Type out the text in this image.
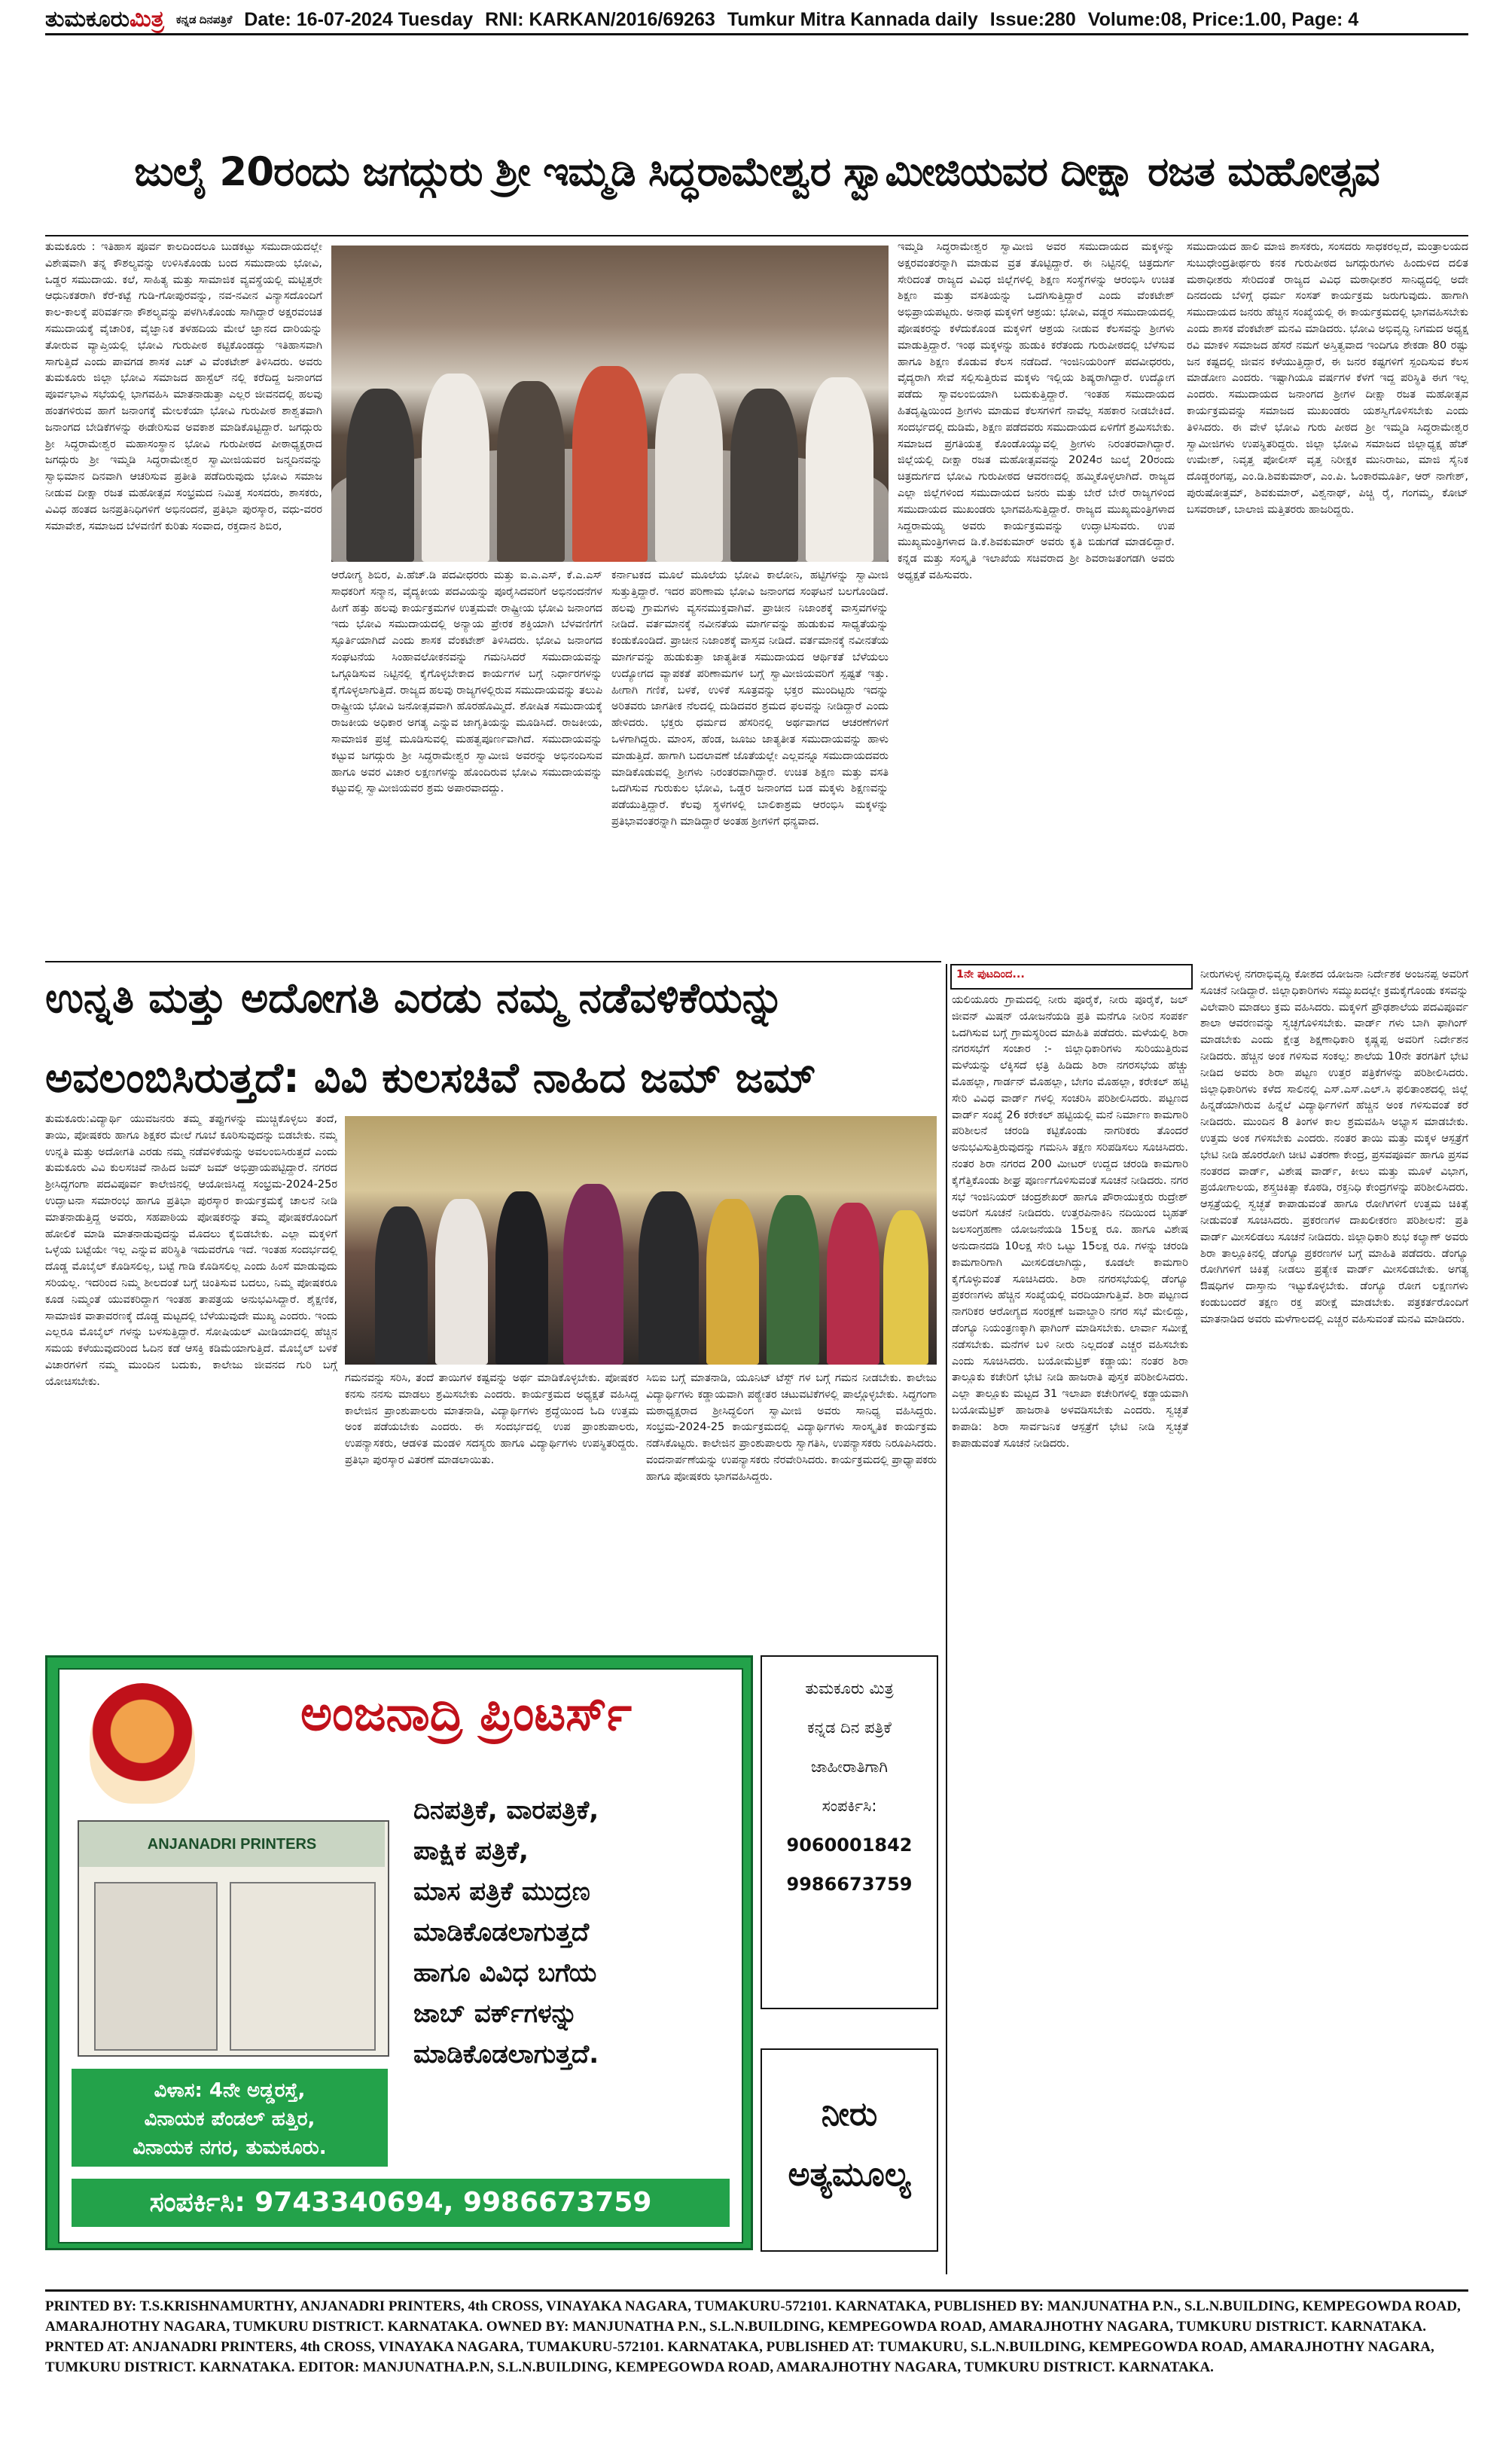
ತುಮಕೂರುಮಿತ್ರ ಕನ್ನಡ ದಿನಪತ್ರಿಕೆ Date: 16-07-2024 Tuesday RNI: KARKAN/2016/69263 Tumkur Mitra Kannada daily Issue:280 Volume:08, Price:1.00, Page: 4
ಜುಲೈ 20ರಂದು ಜಗದ್ಗುರು ಶ್ರೀ ಇಮ್ಮಡಿ ಸಿದ್ಧರಾಮೇಶ್ವರ ಸ್ವಾಮೀಜಿಯವರ ದೀಕ್ಷಾ ರಜತ ಮಹೋತ್ಸವ
ತುಮಕೂರು : ಇತಿಹಾಸ ಪೂರ್ವ ಕಾಲದಿಂದಲೂ ಬುಡಕಟ್ಟು ಸಮುದಾಯದಲ್ಲೇ ವಿಶೇಷವಾಗಿ ತನ್ನ ಕೌಶಲ್ಯವನ್ನು ಉಳಿಸಿಕೊಂಡು ಬಂದ ಸಮುದಾಯ ಭೋವಿ, ಒಡ್ಡರ ಸಮುದಾಯ. ಕಲೆ, ಸಾಹಿತ್ಯ ಮತ್ತು ಸಾಮಾಜಿಕ ವ್ಯವಸ್ಥೆಯಲ್ಲಿ ಮಟ್ಟಿತ್ತರೇ ಆಧುನಿಕತರಾಗಿ ಕೆರೆ-ಕಟ್ಟೆ ಗುಡಿ-ಗೋಪುರವನ್ನು, ನವ-ನವೀನ ವಿನ್ಯಾಸದೊಂದಿಗೆ ಕಾಲ-ಕಾಲಕ್ಕೆ ಪರಿವರ್ತನಾ ಕೌಶಲ್ಯವನ್ನು ಪಳಗಿಸಿಕೊಂಡು ಸಾಗಿದ್ದಾರೆ ಅಕ್ಷರವಂಚಿತ ಸಮುದಾಯಕ್ಕೆ ವೈಚಾರಿಕ, ವೈಜ್ಞಾನಿಕ ತಳಹದಿಯ ಮೇಲೆ ಜ್ಞಾನದ ದಾರಿಯನ್ನು ತೋರುವ ವ್ಯಾಪ್ತಿಯಲ್ಲಿ ಭೋವಿ ಗುರುಪೀಠ ಕಟ್ಟಿಕೊಂಡದ್ದು ಇತಿಹಾಸವಾಗಿ ಸಾಗುತ್ತಿದೆ ಎಂದು ಪಾವಗಡ ಶಾಸಕ ಎಚ್ ವಿ ವೆಂಕಟೇಶ್ ತಿಳಿಸಿದರು. ಅವರು ತುಮಕೂರು ಜಿಲ್ಲಾ ಭೋವಿ ಸಮಾಜದ ಹಾಸ್ಟೆಲ್ ನಲ್ಲಿ ಕರೆದಿದ್ದ ಜನಾಂಗದ ಪೂರ್ವಭಾವಿ ಸಭೆಯಲ್ಲಿ ಭಾಗವಹಿಸಿ ಮಾತನಾಡುತ್ತಾ ಎಲ್ಲರ ಜೀವನದಲ್ಲಿ ಹಲವು ಹಂತಗಳಿರುವ ಹಾಗೆ ಜನಾಂಗಕ್ಕೆ ಮೇಲಕೆಯಾ ಭೋವಿ ಗುರುಪೀಠ ಶಾಶ್ವತವಾಗಿ ಜನಾಂಗದ ಬೇಡಿಕೆಗಳನ್ನು ಈಡೇರಿಸುವ ಅವಕಾಶ ಮಾಡಿಕೊಟ್ಟಿದ್ದಾರೆ. ಜಗದ್ಗುರು ಶ್ರೀ ಸಿದ್ಧರಾಮೇಶ್ವರ ಮಹಾಸಂಸ್ಥಾನ ಭೋವಿ ಗುರುಪೀಠದ ಪೀಠಾಧ್ಯಕ್ಷರಾದ ಜಗದ್ಗುರು ಶ್ರೀ ಇಮ್ಮಡಿ ಸಿದ್ಧರಾಮೇಶ್ವರ ಸ್ವಾಮೀಜಿಯವರ ಜನ್ಮದಿನವನ್ನು ಸ್ವಾಭಿಮಾನ ದಿನವಾಗಿ ಆಚರಿಸುವ ಪ್ರತೀತಿ ಪಡೆದಿರುವುದು ಭೋವಿ ಸಮಾಜ ನೀಡುವ ದೀಕ್ಷಾ ರಜತ ಮಹೋತ್ಸವ ಸಂಭ್ರಮದ ನಿಮಿತ್ತ ಸಂಸದರು, ಶಾಸಕರು, ವಿವಿಧ ಹಂತದ ಜನಪ್ರತಿನಿಧಿಗಳಿಗೆ ಅಭಿನಂದನೆ, ಪ್ರತಿಭಾ ಪುರಸ್ಕಾರ, ವಧು-ವರರ ಸಮಾವೇಶ, ಸಮಾಜದ ಬೆಳವಣಿಗೆ ಕುರಿತು ಸಂವಾದ, ರಕ್ತದಾನ ಶಿಬಿರ,
ಆರೋಗ್ಯ ಶಿಬಿರ, ಪಿ.ಹೆಚ್.ಡಿ ಪದವೀಧರರು ಮತ್ತು ಐ.ಎ.ಎಸ್, ಕೆ.ಎ.ಎಸ್ ಸಾಧಕರಿಗೆ ಸನ್ಮಾನ, ವೈದ್ಯಕೀಯ ಪದವಿಯನ್ನು ಪೂರೈಸಿದವರಿಗೆ ಅಭಿನಂದನೆಗಳ ಹೀಗೆ ಹತ್ತು ಹಲವು ಕಾರ್ಯಕ್ರಮಗಳ ಉತ್ತಮವೇ ರಾಷ್ಟ್ರೀಯ ಭೋವಿ ಜನಾಂಗದ ಇದು ಭೋವಿ ಸಮುದಾಯದಲ್ಲಿ ಅನ್ಯಾಯ ಪ್ರೇರಕ ಶಕ್ತಿಯಾಗಿ ಬೆಳವಣಿಗೆಗೆ ಸ್ಫೂರ್ತಿಯಾಗಿದೆ ಎಂದು ಶಾಸಕ ವೆಂಕಟೇಶ್ ತಿಳಿಸಿದರು. ಭೋವಿ ಜನಾಂಗದ ಸಂಘಟನೆಯ ಸಿಂಹಾವಲೋಕನವನ್ನು ಗಮನಿಸಿದರೆ ಸಮುದಾಯವನ್ನು ಒಗ್ಗೂಡಿಸುವ ನಿಟ್ಟಿನಲ್ಲಿ ಕೈಗೊಳ್ಳಬೇಕಾದ ಕಾರ್ಯಗಳ ಬಗ್ಗೆ ನಿರ್ಧಾರಗಳನ್ನು ಕೈಗೊಳ್ಳಲಾಗುತ್ತಿದೆ. ರಾಜ್ಯದ ಹಲವು ರಾಜ್ಯಗಳಲ್ಲಿರುವ ಸಮುದಾಯವನ್ನು ತಲುಪಿ ರಾಷ್ಟ್ರೀಯ ಭೋವಿ ಜನೋತ್ಸವವಾಗಿ ಹೊರಹೊಮ್ಮಿದೆ. ಶೋಷಿತ ಸಮುದಾಯಕ್ಕೆ ರಾಜಕೀಯ ಅಧಿಕಾರ ಅಗತ್ಯ ಎನ್ನುವ ಜಾಗೃತಿಯನ್ನು ಮೂಡಿಸಿದೆ. ರಾಜಕೀಯ, ಸಾಮಾಜಿಕ ಪ್ರಜ್ಞೆ ಮೂಡಿಸುವಲ್ಲಿ ಮಹತ್ವಪೂರ್ಣವಾಗಿದೆ. ಸಮುದಾಯವನ್ನು ಕಟ್ಟುವ ಜಗದ್ಗುರು ಶ್ರೀ ಸಿದ್ಧರಾಮೇಶ್ವರ ಸ್ವಾಮೀಜಿ ಅವರನ್ನು ಅಭಿನಂದಿಸುವ ಹಾಗೂ ಅವರ ವಿಚಾರ ಲಕ್ಷಣಗಳನ್ನು ಹೊಂದಿರುವ ಭೋವಿ ಸಮುದಾಯವನ್ನು ಕಟ್ಟುವಲ್ಲಿ ಸ್ವಾಮೀಜಿಯವರ ಶ್ರಮ ಅಪಾರವಾದದ್ದು.
ಕರ್ನಾಟಕದ ಮೂಲೆ ಮೂಲೆಯ ಭೋವಿ ಕಾಲೋನಿ, ಹಟ್ಟಿಗಳನ್ನು ಸ್ವಾಮೀಜಿ ಸುತ್ತುತ್ತಿದ್ದಾರೆ. ಇದರ ಪರಿಣಾಮ ಭೋವಿ ಜನಾಂಗದ ಸಂಘಟನೆ ಬಲಗೊಂಡಿದೆ. ಹಲವು ಗ್ರಾಮಗಳು ವ್ಯಸನಮುಕ್ತವಾಗಿವೆ. ಪ್ರಾಚೀನ ನಿಜಾಂಶಕ್ಕೆ ವಾಸ್ತವಗಳನ್ನು ನೀಡಿದೆ. ವರ್ತಮಾನಕ್ಕೆ ನವೀನತೆಯ ಮಾರ್ಗವನ್ನು ಹುಡುಕುವ ಸಾಧ್ಯತೆಯನ್ನು ಕಂಡುಕೊಂಡಿದೆ. ಪ್ರಾಚೀನ ನಿಜಾಂಶಕ್ಕೆ ವಾಸ್ತವ ನೀಡಿದೆ. ವರ್ತಮಾನಕ್ಕೆ ನವೀನತೆಯ ಮಾರ್ಗವನ್ನು ಹುಡುಕುತ್ತಾ ಜಾತ್ಯತೀತ ಸಮುದಾಯದ ಆರ್ಥಿಕತೆ ಬೆಳೆಯಲು ಉದ್ಯೋಗದ ವ್ಯಾಪಕತೆ ಪರಿಣಾಮಗಳ ಬಗ್ಗೆ ಸ್ವಾಮೀಜಿಯವರಿಗೆ ಸ್ಪಷ್ಟತೆ ಇತ್ತು. ಹೀಗಾಗಿ ಗಣಿಕೆ, ಬಳಕೆ, ಉಳಿಕೆ ಸೂತ್ರವನ್ನು ಭಕ್ತರ ಮುಂದಿಟ್ಟರು ಇದನ್ನು ಅರಿತವರು ಜಾಗತೀಕ ನೆಲದಲ್ಲಿ ದುಡಿದವರ ಶ್ರಮದ ಫಲವನ್ನು ನೀಡಿದ್ದಾರೆ ಎಂದು ಹೇಳಿದರು. ಭಕ್ತರು ಧರ್ಮದ ಹೆಸರಿನಲ್ಲಿ ಅರ್ಥವಾಗದ ಆಚರಣೆಗಳಿಗೆ ಒಳಗಾಗಿದ್ದರು. ಮಾಂಸ, ಹೆಂಡ, ಜೂಜು ಜಾತ್ಯತೀತ ಸಮುದಾಯವನ್ನು ಹಾಳು ಮಾಡುತ್ತಿದೆ. ಹಾಗಾಗಿ ಬದಲಾವಣೆ ಜೊತೆಯಲ್ಲೇ ಎಲ್ಲವನ್ನೂ ಸಮುದಾಯದವರು ಮಾಡಿಕೊಡುವಲ್ಲಿ ಶ್ರೀಗಳು ನಿರಂತರವಾಗಿದ್ದಾರೆ. ಉಚಿತ ಶಿಕ್ಷಣ ಮತ್ತು ವಸತಿ ಒದಗಿಸುವ ಗುರುಕುಲ ಭೋವಿ, ಒಡ್ಡರ ಜನಾಂಗದ ಬಡ ಮಕ್ಕಳು ಶಿಕ್ಷಣವನ್ನು ಪಡೆಯುತ್ತಿದ್ದಾರೆ. ಕೆಲವು ಸ್ಥಳಗಳಲ್ಲಿ ಬಾಲಿಕಾಶ್ರಮ ಆರಂಭಿಸಿ ಮಕ್ಕಳನ್ನು ಪ್ರತಿಭಾವಂತರನ್ನಾಗಿ ಮಾಡಿದ್ದಾರೆ ಅಂತಹ ಶ್ರೀಗಳಿಗೆ ಧನ್ಯವಾದ.
ಇಮ್ಮಡಿ ಸಿದ್ಧರಾಮೇಶ್ವರ ಸ್ವಾಮೀಜಿ ಅವರ ಸಮುದಾಯದ ಮಕ್ಕಳನ್ನು ಅಕ್ಷರವಂತರನ್ನಾಗಿ ಮಾಡುವ ವ್ರತ ತೊಟ್ಟಿದ್ದಾರೆ. ಈ ನಿಟ್ಟಿನಲ್ಲಿ ಚಿತ್ರದುರ್ಗ ಸೇರಿದಂತೆ ರಾಜ್ಯದ ವಿವಿಧ ಜಿಲ್ಲೆಗಳಲ್ಲಿ ಶಿಕ್ಷಣ ಸಂಸ್ಥೆಗಳನ್ನು ಆರಂಭಿಸಿ ಉಚಿತ ಶಿಕ್ಷಣ ಮತ್ತು ವಸತಿಯನ್ನು ಒದಗಿಸುತ್ತಿದ್ದಾರೆ ಎಂದು ವೆಂಕಟೇಶ್ ಅಭಿಪ್ರಾಯಪಟ್ಟರು. ಅನಾಥ ಮಕ್ಕಳಿಗೆ ಆಶ್ರಯ: ಭೋವಿ, ವಡ್ಡರ ಸಮುದಾಯದಲ್ಲಿ ಪೋಷಕರನ್ನು ಕಳೆದುಕೊಂಡ ಮಕ್ಕಳಿಗೆ ಆಶ್ರಯ ನೀಡುವ ಕೆಲಸವನ್ನು ಶ್ರೀಗಳು ಮಾಡುತ್ತಿದ್ದಾರೆ. ಇಂಥ ಮಕ್ಕಳನ್ನು ಹುಡುಕಿ ಕರೆತಂದು ಗುರುಪೀಠದಲ್ಲಿ ಬೆಳೆಸುವ ಹಾಗೂ ಶಿಕ್ಷಣ ಕೊಡುವ ಕೆಲಸ ನಡೆದಿದೆ. ಇಂಜಿನಿಯರಿಂಗ್ ಪದವೀಧರರು, ವೈದ್ಯರಾಗಿ ಸೇವೆ ಸಲ್ಲಿಸುತ್ತಿರುವ ಮಕ್ಕಳು ಇಲ್ಲಿಯ ಶಿಷ್ಯರಾಗಿದ್ದಾರೆ. ಉದ್ಯೋಗ ಪಡೆದು ಸ್ವಾವಲಂಬಿಯಾಗಿ ಬದುಕುತ್ತಿದ್ದಾರೆ. ಇಂತಹ ಸಮುದಾಯದ ಹಿತದೃಷ್ಟಿಯಿಂದ ಶ್ರೀಗಳು ಮಾಡುವ ಕೆಲಸಗಳಿಗೆ ನಾವೆಲ್ಲ ಸಹಕಾರ ನೀಡಬೇಕಿದೆ. ಸಂದರ್ಭದಲ್ಲಿ ದುಡಿಮೆ, ಶಿಕ್ಷಣ ಪಡೆದವರು ಸಮುದಾಯದ ಏಳಿಗೆಗೆ ಶ್ರಮಿಸಬೇಕು. ಸಮಾಜದ ಪ್ರಗತಿಯತ್ತ ಕೊಂಡೊಯ್ಯುವಲ್ಲಿ ಶ್ರೀಗಳು ನಿರಂತರವಾಗಿದ್ದಾರೆ. ಜಿಲ್ಲೆಯಲ್ಲಿ ದೀಕ್ಷಾ ರಜತ ಮಹೋತ್ಸವವನ್ನು 2024ರ ಜುಲೈ 20ರಂದು ಚಿತ್ರದುರ್ಗದ ಭೋವಿ ಗುರುಪೀಠದ ಆವರಣದಲ್ಲಿ ಹಮ್ಮಿಕೊಳ್ಳಲಾಗಿದೆ. ರಾಜ್ಯದ ಎಲ್ಲಾ ಜಿಲ್ಲೆಗಳಿಂದ ಸಮುದಾಯದ ಜನರು ಮತ್ತು ಬೇರೆ ಬೇರೆ ರಾಜ್ಯಗಳಿಂದ ಸಮುದಾಯದ ಮುಖಂಡರು ಭಾಗವಹಿಸುತ್ತಿದ್ದಾರೆ. ರಾಜ್ಯದ ಮುಖ್ಯಮಂತ್ರಿಗಳಾದ ಸಿದ್ದರಾಮಯ್ಯ ಅವರು ಕಾರ್ಯಕ್ರಮವನ್ನು ಉದ್ಘಾಟಿಸುವರು. ಉಪ ಮುಖ್ಯಮಂತ್ರಿಗಳಾದ ಡಿ.ಕೆ.ಶಿವಕುಮಾರ್ ಅವರು ಕೃತಿ ಬಿಡುಗಡೆ ಮಾಡಲಿದ್ದಾರೆ. ಕನ್ನಡ ಮತ್ತು ಸಂಸ್ಕೃತಿ ಇಲಾಖೆಯ ಸಚಿವರಾದ ಶ್ರೀ ಶಿವರಾಜತಂಗಡಗಿ ಅವರು ಅಧ್ಯಕ್ಷತೆ ವಹಿಸುವರು.
ಸಮುದಾಯದ ಹಾಲಿ ಮಾಜಿ ಶಾಸಕರು, ಸಂಸದರು ಸಾಧಕರಲ್ಲದೆ, ಮಂತ್ರಾಲಯದ ಸುಬುಧೇಂದ್ರತೀರ್ಥರು ಕನಕ ಗುರುಪೀಠದ ಜಗದ್ಗುರುಗಳು ಹಿಂದುಳಿದ ದಲಿತ ಮಠಾಧೀಶರು ಸೇರಿದಂತೆ ರಾಜ್ಯದ ವಿವಿಧ ಮಠಾಧೀಶರ ಸಾನಿಧ್ಯದಲ್ಲಿ ಅದೇ ದಿನದಂದು ಬೆಳಿಗ್ಗೆ ಧರ್ಮ ಸಂಸತ್ ಕಾರ್ಯಕ್ರಮ ಜರುಗುವುದು. ಹಾಗಾಗಿ ಸಮುದಾಯದ ಜನರು ಹೆಚ್ಚಿನ ಸಂಖ್ಯೆಯಲ್ಲಿ ಈ ಕಾರ್ಯಕ್ರಮದಲ್ಲಿ ಭಾಗವಹಿಸಬೇಕು ಎಂದು ಶಾಸಕ ವೆಂಕಟೇಶ್ ಮನವಿ ಮಾಡಿದರು. ಭೋವಿ ಅಭಿವೃದ್ಧಿ ನಿಗಮದ ಅಧ್ಯಕ್ಷ ರವಿ ಮಾಕಳಿ ಸಮಾಜದ ಹೆಸರೆ ನಮಗೆ ಅಸ್ತಿತ್ವವಾದ ಇಂದಿಗೂ ಶೇಕಡಾ 80 ರಷ್ಟು ಜನ ಕಷ್ಟದಲ್ಲಿ ಜೀವನ ಕಳೆಯುತ್ತಿದ್ದಾರೆ, ಈ ಜನರ ಕಷ್ಟಗಳಿಗೆ ಸ್ಪಂದಿಸುವ ಕೆಲಸ ಮಾಡೋಣ ಎಂದರು. ಇಷ್ಟಾಗಿಯೂ ವರ್ಷಗಳ ಕೆಳಗೆ ಇದ್ದ ಪರಿಸ್ಥಿತಿ ಈಗ ಇಲ್ಲ ಎಂದರು. ಸಮುದಾಯದ ಜನಾಂಗದ ಶ್ರೀಗಳ ದೀಕ್ಷಾ ರಜತ ಮಹೋತ್ಸವ ಕಾರ್ಯಕ್ರಮವನ್ನು ಸಮಾಜದ ಮುಖಂಡರು ಯಶಸ್ವಿಗೊಳಿಸಬೇಕು ಎಂದು ತಿಳಿಸಿದರು. ಈ ವೇಳೆ ಭೋವಿ ಗುರು ಪೀಠದ ಶ್ರೀ ಇಮ್ಮಡಿ ಸಿದ್ಧರಾಮೇಶ್ವರ ಸ್ವಾಮೀಜಿಗಳು ಉಪಸ್ಥಿತರಿದ್ದರು. ಜಿಲ್ಲಾ ಭೋವಿ ಸಮಾಜದ ಜಿಲ್ಲಾಧ್ಯಕ್ಷ ಹೆಚ್ ಉಮೇಶ್, ನಿವೃತ್ತ ಪೋಲೀಸ್ ವೃತ್ತ ನಿರೀಕ್ಷಕ ಮುನಿರಾಜು, ಮಾಜಿ ಸೈನಿಕ ದೊಡ್ಡರಂಗಪ್ಪ, ಎಂ.ಡಿ.ಶಿವಕುಮಾರ್, ಎಂ.ಪಿ. ಓಂಕಾರಮೂರ್ತಿ, ಆರ್ ನಾಗೇಶ್, ಪುರುಷೋತ್ತಮ್, ಶಿವಕುಮಾರ್, ವಿಶ್ವನಾಥ್, ಪಿಚ್ಚಿ ರೈ, ಗಂಗಮ್ಮ, ಕೋಟ್ ಬಸವರಾಜ್, ಬಾಲಾಜಿ ಮತ್ತಿತರರು ಹಾಜರಿದ್ದರು.
ಉನ್ನತಿ ಮತ್ತು ಅದೋಗತಿ ಎರಡು ನಮ್ಮ ನಡೆವಳಿಕೆಯನ್ನು
ಅವಲಂಬಿಸಿರುತ್ತದೆ: ವಿವಿ ಕುಲಸಚಿವೆ ನಾಹಿದ ಜಮ್ ಜಮ್
ತುಮಕೂರು:ವಿದ್ಯಾರ್ಥಿ ಯುವಜನರು ತಮ್ಮ ತಪ್ಪುಗಳನ್ನು ಮುಚ್ಚಿಕೊಳ್ಳಲು ತಂದೆ, ತಾಯಿ, ಪೋಷಕರು ಹಾಗೂ ಶಿಕ್ಷಕರ ಮೇಲೆ ಗೂಬೆ ಕೂರಿಸುವುದನ್ನು ಬಿಡಬೇಕು. ನಮ್ಮ ಉನ್ನತಿ ಮತ್ತು ಅದೋಗತಿ ಎರಡು ನಮ್ಮ ನಡೆವಳಿಕೆಯನ್ನು ಅವಲಂಬಿಸಿರುತ್ತದೆ ಎಂದು ತುಮಕೂರು ವಿವಿ ಕುಲಸಚಿವೆ ನಾಹಿದ ಜಮ್ ಜಮ್ ಅಭಿಪ್ರಾಯಪಟ್ಟಿದ್ದಾರೆ. ನಗರದ ಶ್ರೀಸಿದ್ಧಗಂಗಾ ಪದವಿಪೂರ್ವ ಕಾಲೇಜಿನಲ್ಲಿ ಆಯೋಜಿಸಿದ್ದ ಸಂಭ್ರಮ-2024-25ರ ಉದ್ಘಾಟನಾ ಸಮಾರಂಭ ಹಾಗೂ ಪ್ರತಿಭಾ ಪುರಸ್ಕಾರ ಕಾರ್ಯಕ್ರಮಕ್ಕೆ ಚಾಲನೆ ನೀಡಿ ಮಾತನಾಡುತ್ತಿದ್ದ ಅವರು, ಸಹಪಾಠಿಯ ಪೋಷಕರನ್ನು ತಮ್ಮ ಪೋಷಕರೊಂದಿಗೆ ಹೋಲಿಕೆ ಮಾಡಿ ಮಾತನಾಡುವುದನ್ನು ಮೊದಲು ಕೈಬಿಡಬೇಕು. ಎಲ್ಲಾ ಮಕ್ಕಳಿಗೆ ಒಳ್ಳೆಯ ಬಟ್ಟೆಯೇ ಇಲ್ಲ ಎನ್ನುವ ಪರಿಸ್ಥಿತಿ ಇದುವರೆಗೂ ಇದೆ. ಇಂತಹ ಸಂದರ್ಭದಲ್ಲಿ ದೊಡ್ಡ ಮೊಬೈಲ್ ಕೊಡಿಸಲಿಲ್ಲ, ಬಟ್ಟೆ ಗಾಡಿ ಕೊಡಿಸಲಿಲ್ಲ ಎಂದು ಹಿಂಸೆ ಮಾಡುವುದು ಸರಿಯಲ್ಲ. ಇದರಿಂದ ನಿಮ್ಮ ಶೀಲದಂತೆ ಬಗ್ಗೆ ಚಿಂತಿಸುವ ಬದಲು, ನಿಮ್ಮ ಪೋಷಕರೂ ಕೂಡ ನಿಮ್ಮಂತೆ ಯುವಕರಿದ್ದಾಗ ಇಂತಹ ತಾಪತ್ರಯ ಅನುಭವಿಸಿದ್ದಾರೆ. ಶೈಕ್ಷಣಿಕ, ಸಾಮಾಜಿಕ ವಾತಾವರಣಕ್ಕೆ ದೊಡ್ಡ ಮಟ್ಟದಲ್ಲಿ ಬೆಳೆಯುವುದೇ ಮುಖ್ಯ ಎಂದರು. ಇಂದು ಎಲ್ಲರೂ ಮೊಬೈಲ್ ಗಳನ್ನು ಬಳಸುತ್ತಿದ್ದಾರೆ. ಸೋಷಿಯಲ್ ಮೀಡಿಯಾದಲ್ಲಿ ಹೆಚ್ಚಿನ ಸಮಯ ಕಳೆಯುವುದರಿಂದ ಓದಿನ ಕಡೆ ಆಸಕ್ತಿ ಕಡಿಮೆಯಾಗುತ್ತಿದೆ. ಮೊಬೈಲ್ ಬಳಕೆ ವಿಚಾರಗಳಿಗೆ ನಮ್ಮ ಮುಂದಿನ ಬದುಕು, ಕಾಲೇಜು ಜೀವನದ ಗುರಿ ಬಗ್ಗೆ ಯೋಚಿಸಬೇಕು.	ಗಮನವನ್ನು ಸರಿಸಿ, ತಂದೆ ತಾಯಿಗಳ ಕಷ್ಟವನ್ನು ಅರ್ಥ ಮಾಡಿಕೊಳ್ಳಬೇಕು. ಪೋಷಕರ ಕನಸು ನನಸು ಮಾಡಲು ಶ್ರಮಿಸಬೇಕು ಎಂದರು. ಕಾರ್ಯಕ್ರಮದ ಅಧ್ಯಕ್ಷತೆ ವಹಿಸಿದ್ದ ಕಾಲೇಜಿನ ಪ್ರಾಂಶುಪಾಲರು ಮಾತನಾಡಿ, ವಿದ್ಯಾರ್ಥಿಗಳು ಶ್ರದ್ಧೆಯಿಂದ ಓದಿ ಉತ್ತಮ ಅಂಕ ಪಡೆಯಬೇಕು ಎಂದರು. ಈ ಸಂದರ್ಭದಲ್ಲಿ ಉಪ ಪ್ರಾಂಶುಪಾಲರು, ಉಪನ್ಯಾಸಕರು, ಆಡಳಿತ ಮಂಡಳಿ ಸದಸ್ಯರು ಹಾಗೂ ವಿದ್ಯಾರ್ಥಿಗಳು ಉಪಸ್ಥಿತರಿದ್ದರು. ಪ್ರತಿಭಾ ಪುರಸ್ಕಾರ ವಿತರಣೆ ಮಾಡಲಾಯಿತು.
ಸಿಬಿಐ ಬಗ್ಗೆ ಮಾತನಾಡಿ, ಯೂನಿಟ್ ಟೆಸ್ಟ್ ಗಳ ಬಗ್ಗೆ ಗಮನ ನೀಡಬೇಕು. ಕಾಲೇಜು ವಿದ್ಯಾರ್ಥಿಗಳು ಕಡ್ಡಾಯವಾಗಿ ಪಠ್ಯೇತರ ಚಟುವಟಿಕೆಗಳಲ್ಲಿ ಪಾಲ್ಗೊಳ್ಳಬೇಕು. ಸಿದ್ಧಗಂಗಾ ಮಠಾಧ್ಯಕ್ಷರಾದ ಶ್ರೀಸಿದ್ಧಲಿಂಗ ಸ್ವಾಮೀಜಿ ಅವರು ಸಾನಿಧ್ಯ ವಹಿಸಿದ್ದರು. ಸಂಭ್ರಮ-2024-25 ಕಾರ್ಯಕ್ರಮದಲ್ಲಿ ವಿದ್ಯಾರ್ಥಿಗಳು ಸಾಂಸ್ಕೃತಿಕ ಕಾರ್ಯಕ್ರಮ ನಡೆಸಿಕೊಟ್ಟರು. ಕಾಲೇಜಿನ ಪ್ರಾಂಶುಪಾಲರು ಸ್ವಾಗತಿಸಿ, ಉಪನ್ಯಾಸಕರು ನಿರೂಪಿಸಿದರು. ವಂದನಾರ್ಪಣೆಯನ್ನು ಉಪನ್ಯಾಸಕರು ನೆರವೇರಿಸಿದರು. ಕಾರ್ಯಕ್ರಮದಲ್ಲಿ ಪ್ರಾಧ್ಯಾಪಕರು ಹಾಗೂ ಪೋಷಕರು ಭಾಗವಹಿಸಿದ್ದರು.
1ನೇ ಪುಟದಿಂದ...
ಯಲಿಯೂರು ಗ್ರಾಮದಲ್ಲಿ ನೀರು ಪೂರೈಕೆ, ನೀರು ಪೂರೈಕೆ, ಜಲ್ ಜೀವನ್ ಮಿಷನ್ ಯೋಜನೆಯಡಿ ಪ್ರತಿ ಮನೆಗೂ ನೀರಿನ ಸಂಪರ್ಕ ಒದಗಿಸುವ ಬಗ್ಗೆ ಗ್ರಾಮಸ್ಥರಿಂದ ಮಾಹಿತಿ ಪಡೆದರು. ಮಳೆಯಲ್ಲಿ ಶಿರಾ ನಗರಸಭೆಗೆ ಸಂಚಾರ :- ಜಿಲ್ಲಾಧಿಕಾರಿಗಳು ಸುರಿಯುತ್ತಿರುವ ಮಳೆಯನ್ನು ಲೆಕ್ಕಿಸದೆ ಛತ್ರಿ ಹಿಡಿದು ಶಿರಾ ನಗರಸಭೆಯ ಹೆಚ್ಚು ಮೊಹಲ್ಲಾ, ಗಾರ್ಡನ್ ಮೊಹಲ್ಲಾ, ಬೇಗಂ ಮೊಹಲ್ಲಾ, ಕರೇಕಲ್ ಹಟ್ಟಿ ಸೇರಿ ವಿವಿಧ ವಾರ್ಡ್ ಗಳಲ್ಲಿ ಸಂಚರಿಸಿ ಪರಿಶೀಲಿಸಿದರು. ಪಟ್ಟಣದ ವಾರ್ಡ್ ಸಂಖ್ಯೆ 26 ಕರೇಕಲ್ ಹಟ್ಟಿಯಲ್ಲಿ ಮನೆ ನಿರ್ಮಾಣ ಕಾಮಗಾರಿ ಪರಿಶೀಲನೆ ಚರಂಡಿ ಕಟ್ಟಿಕೊಂಡು ನಾಗರಿಕರು ತೊಂದರೆ ಅನುಭವಿಸುತ್ತಿರುವುದನ್ನು ಗಮನಿಸಿ ತಕ್ಷಣ ಸರಿಪಡಿಸಲು ಸೂಚಿಸಿದರು. ನಂತರ ಶಿರಾ ನಗರದ 200 ಮೀಟರ್ ಉದ್ದದ ಚರಂಡಿ ಕಾಮಗಾರಿ ಕೈಗೆತ್ತಿಕೊಂಡು ಶೀಘ್ರ ಪೂರ್ಣಗೊಳಿಸುವಂತೆ ಸೂಚನೆ ನೀಡಿದರು. ನಗರ ಸಭೆ ಇಂಜಿನಿಯರ್ ಚಂದ್ರಶೇಖರ್ ಹಾಗೂ ಪೌರಾಯುಕ್ತರು ರುದ್ರೇಶ್ ಅವರಿಗೆ ಸೂಚನೆ ನೀಡಿದರು. ಉತ್ತರಪಿನಾಕಿನಿ ನದಿಯಿಂದ ಬೃಹತ್ ಜಲಸಂಗ್ರಹಣಾ ಯೋಜನೆಯಡಿ 15ಲಕ್ಷ ರೂ. ಹಾಗೂ ವಿಶೇಷ ಅನುದಾನದಡಿ 10ಲಕ್ಷ ಸೇರಿ ಒಟ್ಟು 15ಲಕ್ಷ ರೂ. ಗಳನ್ನು ಚರಂಡಿ ಕಾಮಗಾರಿಗಾಗಿ ಮೀಸಲಿಡಲಾಗಿದ್ದು, ಕೂಡಲೇ ಕಾಮಗಾರಿ ಕೈಗೊಳ್ಳುವಂತೆ ಸೂಚಿಸಿದರು. ಶಿರಾ ನಗರಸಭೆಯಲ್ಲಿ ಡೆಂಗ್ಯೂ ಪ್ರಕರಣಗಳು ಹೆಚ್ಚಿನ ಸಂಖ್ಯೆಯಲ್ಲಿ ವರದಿಯಾಗುತ್ತಿವೆ. ಶಿರಾ ಪಟ್ಟಣದ ನಾಗರಿಕರ ಆರೋಗ್ಯದ ಸಂರಕ್ಷಣೆ ಜವಾಬ್ದಾರಿ ನಗರ ಸಭೆ ಮೇಲಿದ್ದು, ಡೆಂಗ್ಯೂ ನಿಯಂತ್ರಣಕ್ಕಾಗಿ ಫಾಗಿಂಗ್ ಮಾಡಿಸಬೇಕು. ಲಾರ್ವಾ ಸಮೀಕ್ಷೆ ನಡೆಸಬೇಕು. ಮನೆಗಳ ಬಳಿ ನೀರು ನಿಲ್ಲದಂತೆ ಎಚ್ಚರ ವಹಿಸಬೇಕು ಎಂದು ಸೂಚಿಸಿದರು. ಬಯೋಮೆಟ್ರಿಕ್ ಕಡ್ಡಾಯ: ನಂತರ ಶಿರಾ ತಾಲ್ಲೂಕು ಕಚೇರಿಗೆ ಭೇಟಿ ನೀಡಿ ಹಾಜರಾತಿ ಪುಸ್ತಕ ಪರಿಶೀಲಿಸಿದರು. ಎಲ್ಲಾ ತಾಲ್ಲೂಕು ಮಟ್ಟದ 31 ಇಲಾಖಾ ಕಚೇರಿಗಳಲ್ಲಿ ಕಡ್ಡಾಯವಾಗಿ ಬಯೋಮೆಟ್ರಿಕ್ ಹಾಜರಾತಿ ಅಳವಡಿಸಬೇಕು ಎಂದರು. ಸ್ವಚ್ಛತೆ ಕಾಪಾಡಿ: ಶಿರಾ ಸಾರ್ವಜನಿಕ ಆಸ್ಪತ್ರೆಗೆ ಭೇಟಿ ನೀಡಿ ಸ್ವಚ್ಛತೆ ಕಾಪಾಡುವಂತೆ ಸೂಚನೆ ನೀಡಿದರು.
ನೀರುಗಳುಳ್ಳ ನಗರಾಭಿವೃದ್ಧಿ ಕೋಶದ ಯೋಜನಾ ನಿರ್ದೇಶಕ ಅಂಜನಪ್ಪ ಅವರಿಗೆ ಸೂಚನೆ ನೀಡಿದ್ದಾರೆ. ಜಿಲ್ಲಾಧಿಕಾರಿಗಳು ಸಮ್ಮುಖದಲ್ಲೇ ಕ್ರಮಕೈಗೊಂಡು ಕಸವನ್ನು ವಿಲೇವಾರಿ ಮಾಡಲು ಕ್ರಮ ವಹಿಸಿದರು. ಮಕ್ಕಳಿಗೆ ಪ್ರೌಢಶಾಲೆಯ ಪದವಿಪೂರ್ವ ಶಾಲಾ ಆವರಣವನ್ನು ಸ್ವಚ್ಛಗೊಳಿಸಬೇಕು. ವಾರ್ಡ್ ಗಳು ಬಾಗಿ ಫಾಗಿಂಗ್ ಮಾಡಬೇಕು ಎಂದು ಕ್ಷೇತ್ರ ಶಿಕ್ಷಣಾಧಿಕಾರಿ ಕೃಷ್ಣಪ್ಪ ಅವರಿಗೆ ನಿರ್ದೇಶನ ನೀಡಿದರು. ಹೆಚ್ಚಿನ ಅಂಕ ಗಳಿಸುವ ಸಂಕಲ್ಪ: ಶಾಲೆಯ 10ನೇ ತರಗತಿಗೆ ಭೇಟಿ ನೀಡಿದ ಅವರು ಶಿರಾ ಪಟ್ಟಣ ಉತ್ತರ ಪತ್ರಿಕೆಗಳನ್ನು ಪರಿಶೀಲಿಸಿದರು. ಜಿಲ್ಲಾಧಿಕಾರಿಗಳು ಕಳೆದ ಸಾಲಿನಲ್ಲಿ ಎಸ್.ಎಸ್.ಎಲ್.ಸಿ ಫಲಿತಾಂಶದಲ್ಲಿ ಜಿಲ್ಲೆ ಹಿನ್ನಡೆಯಾಗಿರುವ ಹಿನ್ನೆಲೆ ವಿದ್ಯಾರ್ಥಿಗಳಿಗೆ ಹೆಚ್ಚಿನ ಅಂಕ ಗಳಿಸುವಂತೆ ಕರೆ ನೀಡಿದರು. ಮುಂದಿನ 8 ತಿಂಗಳ ಕಾಲ ಶ್ರಮವಹಿಸಿ ಅಭ್ಯಾಸ ಮಾಡಬೇಕು. ಉತ್ತಮ ಅಂಕ ಗಳಿಸಬೇಕು ಎಂದರು. ನಂತರ ತಾಯಿ ಮತ್ತು ಮಕ್ಕಳ ಆಸ್ಪತ್ರೆಗೆ ಭೇಟಿ ನೀಡಿ ಹೊರರೋಗಿ ಚೀಟಿ ವಿತರಣಾ ಕೇಂದ್ರ, ಪ್ರಸವಪೂರ್ವ ಹಾಗೂ ಪ್ರಸವ ನಂತರದ ವಾರ್ಡ್, ವಿಶೇಷ ವಾರ್ಡ್, ಕೀಲು ಮತ್ತು ಮೂಳೆ ವಿಭಾಗ, ಪ್ರಯೋಗಾಲಯ, ಶಸ್ತ್ರಚಿಕಿತ್ಸಾ ಕೊಠಡಿ, ರಕ್ತನಿಧಿ ಕೇಂದ್ರಗಳನ್ನು ಪರಿಶೀಲಿಸಿದರು. ಆಸ್ಪತ್ರೆಯಲ್ಲಿ ಸ್ವಚ್ಛತೆ ಕಾಪಾಡುವಂತೆ ಹಾಗೂ ರೋಗಿಗಳಿಗೆ ಉತ್ತಮ ಚಿಕಿತ್ಸೆ ನೀಡುವಂತೆ ಸೂಚಿಸಿದರು. ಪ್ರಕರಣಗಳ ದಾಖಲೀಕರಣ ಪರಿಶೀಲನೆ: ಪ್ರತಿ ವಾರ್ಡ್ ಮೀಸಲಿಡಲು ಸೂಚನೆ ನೀಡಿದರು. ಜಿಲ್ಲಾಧಿಕಾರಿ ಶುಭ ಕಲ್ಯಾಣ್ ಅವರು ಶಿರಾ ತಾಲ್ಲೂಕಿನಲ್ಲಿ ಡೆಂಗ್ಯೂ ಪ್ರಕರಣಗಳ ಬಗ್ಗೆ ಮಾಹಿತಿ ಪಡೆದರು. ಡೆಂಗ್ಯೂ ರೋಗಿಗಳಿಗೆ ಚಿಕಿತ್ಸೆ ನೀಡಲು ಪ್ರತ್ಯೇಕ ವಾರ್ಡ್ ಮೀಸಲಿಡಬೇಕು. ಅಗತ್ಯ ಔಷಧಿಗಳ ದಾಸ್ತಾನು ಇಟ್ಟುಕೊಳ್ಳಬೇಕು. ಡೆಂಗ್ಯೂ ರೋಗ ಲಕ್ಷಣಗಳು ಕಂಡುಬಂದರೆ ತಕ್ಷಣ ರಕ್ತ ಪರೀಕ್ಷೆ ಮಾಡಬೇಕು. ಪತ್ರಕರ್ತರೊಂದಿಗೆ ಮಾತನಾಡಿದ ಅವರು ಮಳೆಗಾಲದಲ್ಲಿ ಎಚ್ಚರ ವಹಿಸುವಂತೆ ಮನವಿ ಮಾಡಿದರು.
ಅಂಜನಾದ್ರಿ ಪ್ರಿಂಟರ್ಸ್
ANJANADRI PRINTERS
ದಿನಪತ್ರಿಕೆ, ವಾರಪತ್ರಿಕೆ,
ಪಾಕ್ಷಿಕ ಪತ್ರಿಕೆ,
ಮಾಸ ಪತ್ರಿಕೆ ಮುದ್ರಣ
ಮಾಡಿಕೊಡಲಾಗುತ್ತದೆ
ಹಾಗೂ ವಿವಿಧ ಬಗೆಯ
ಜಾಬ್ ವರ್ಕ್‌ಗಳನ್ನು
ಮಾಡಿಕೊಡಲಾಗುತ್ತದೆ.
ವಿಳಾಸ: 4ನೇ ಅಡ್ಡರಸ್ತೆ,
ವಿನಾಯಕ ಪೆಂಡಲ್ ಹತ್ತಿರ,
ವಿನಾಯಕ ನಗರ, ತುಮಕೂರು.
ಸಂಪರ್ಕಿಸಿ: 9743340694, 9986673759
ತುಮಕೂರು ಮಿತ್ರ
ಕನ್ನಡ ದಿನ ಪತ್ರಿಕೆ
ಜಾಹೀರಾತಿಗಾಗಿ
ಸಂಪರ್ಕಿಸಿ:
9060001842
9986673759
ನೀರು
ಅತ್ಯಮೂಲ್ಯ
PRINTED BY: T.S.KRISHNAMURTHY, ANJANADRI PRINTERS, 4th CROSS, VINAYAKA NAGARA, TUMAKURU-572101. KARNATAKA, PUBLISHED BY: MANJUNATHA P.N., S.L.N.BUILDING, KEMPEGOWDA ROAD,
AMARAJHOTHY NAGARA, TUMKURU DISTRICT. KARNATAKA. OWNED BY: MANJUNATHA P.N., S.L.N.BUILDING, KEMPEGOWDA ROAD, AMARAJHOTHY NAGARA, TUMKURU DISTRICT. KARNATAKA.
PRNTED AT: ANJANADRI PRINTERS, 4th CROSS, VINAYAKA NAGARA, TUMAKURU-572101. KARNATAKA, PUBLISHED AT: TUMAKURU, S.L.N.BUILDING, KEMPEGOWDA ROAD, AMARAJHOTHY NAGARA,
TUMKURU DISTRICT. KARNATAKA. EDITOR: MANJUNATHA.P.N, S.L.N.BUILDING, KEMPEGOWDA ROAD, AMARAJHOTHY NAGARA, TUMKURU DISTRICT. KARNATAKA.
